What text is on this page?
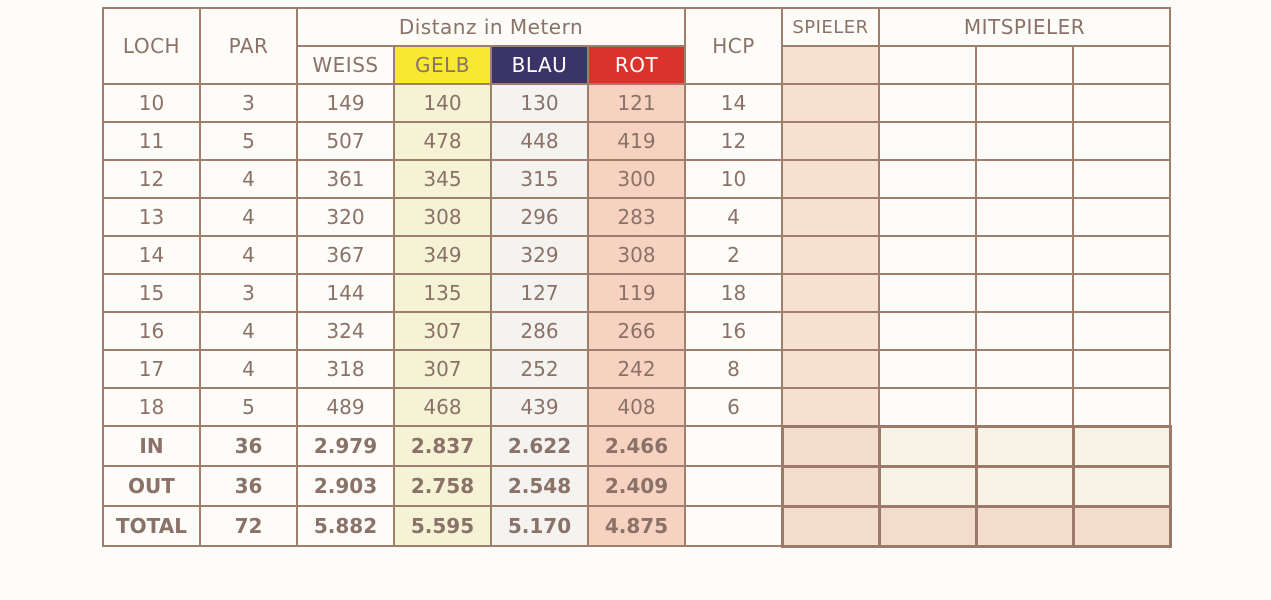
LOCH	PAR	Distanz in Metern				HCP	SPIELER	MITSPIELER		
		WEISS	GELB	BLAU	ROT					
10	3	149	140	130	121	14				
11	5	507	478	448	419	12				
12	4	361	345	315	300	10				
13	4	320	308	296	283	4				
14	4	367	349	329	308	2				
15	3	144	135	127	119	18				
16	4	324	307	286	266	16				
17	4	318	307	252	242	8				
18	5	489	468	439	408	6				
IN	36	2.979	2.837	2.622	2.466					
OUT	36	2.903	2.758	2.548	2.409					
TOTAL	72	5.882	5.595	5.170	4.875					
